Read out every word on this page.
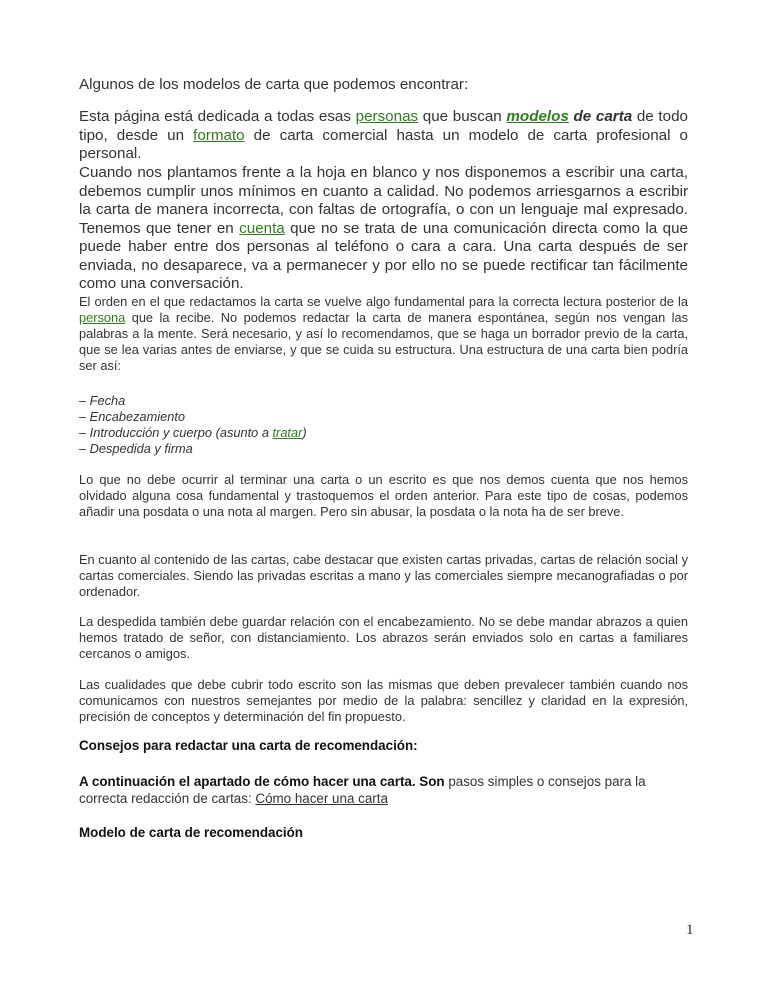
Algunos de los modelos de carta que podemos encontrar:

Esta página está dedicada a todas esas personas que buscan modelos de carta de todo tipo, desde un formato de carta comercial hasta un modelo de carta profesional o personal.

Cuando nos plantamos frente a la hoja en blanco y nos disponemos a escribir una carta, debemos cumplir unos mínimos en cuanto a calidad. No podemos arriesgarnos a escribir la carta de manera incorrecta, con faltas de ortografía, o con un lenguaje mal expresado. Tenemos que tener en cuenta que no se trata de una comunicación directa como la que puede haber entre dos personas al teléfono o cara a cara. Una carta después de ser enviada, no desaparece, va a permanecer y por ello no se puede rectificar tan fácilmente como una conversación.

El orden en el que redactamos la carta se vuelve algo fundamental para la correcta lectura posterior de la persona que la recibe. No podemos redactar la carta de manera espontánea, según nos vengan las palabras a la mente. Será necesario, y así lo recomendamos, que se haga un borrador previo de la carta, que se lea varias antes de enviarse, y que se cuida su estructura. Una estructura de una carta bien podría ser así:

– Fecha
– Encabezamiento
– Introducción y cuerpo (asunto a tratar)
– Despedida y firma

Lo que no debe ocurrir al terminar una carta o un escrito es que nos demos cuenta que nos hemos olvidado alguna cosa fundamental y trastoquemos el orden anterior. Para este tipo de cosas, podemos añadir una posdata o una nota al margen. Pero sin abusar, la posdata o la nota ha de ser breve.

En cuanto al contenido de las cartas, cabe destacar que existen cartas privadas, cartas de relación social y cartas comerciales. Siendo las privadas escritas a mano y las comerciales siempre mecanografiadas o por ordenador.

La despedida también debe guardar relación con el encabezamiento. No se debe mandar abrazos a quien hemos tratado de señor, con distanciamiento. Los abrazos serán enviados solo en cartas a familiares cercanos o amigos.

Las cualidades que debe cubrir todo escrito son las mismas que deben prevalecer también cuando nos comunicamos con nuestros semejantes por medio de la palabra: sencillez y claridad en la expresión, precisión de conceptos y determinación del fin propuesto.

Consejos para redactar una carta de recomendación:

A continuación el apartado de cómo hacer una carta. Son pasos simples o consejos para la correcta redacción de cartas: Cómo hacer una carta

Modelo de carta de recomendación

1
